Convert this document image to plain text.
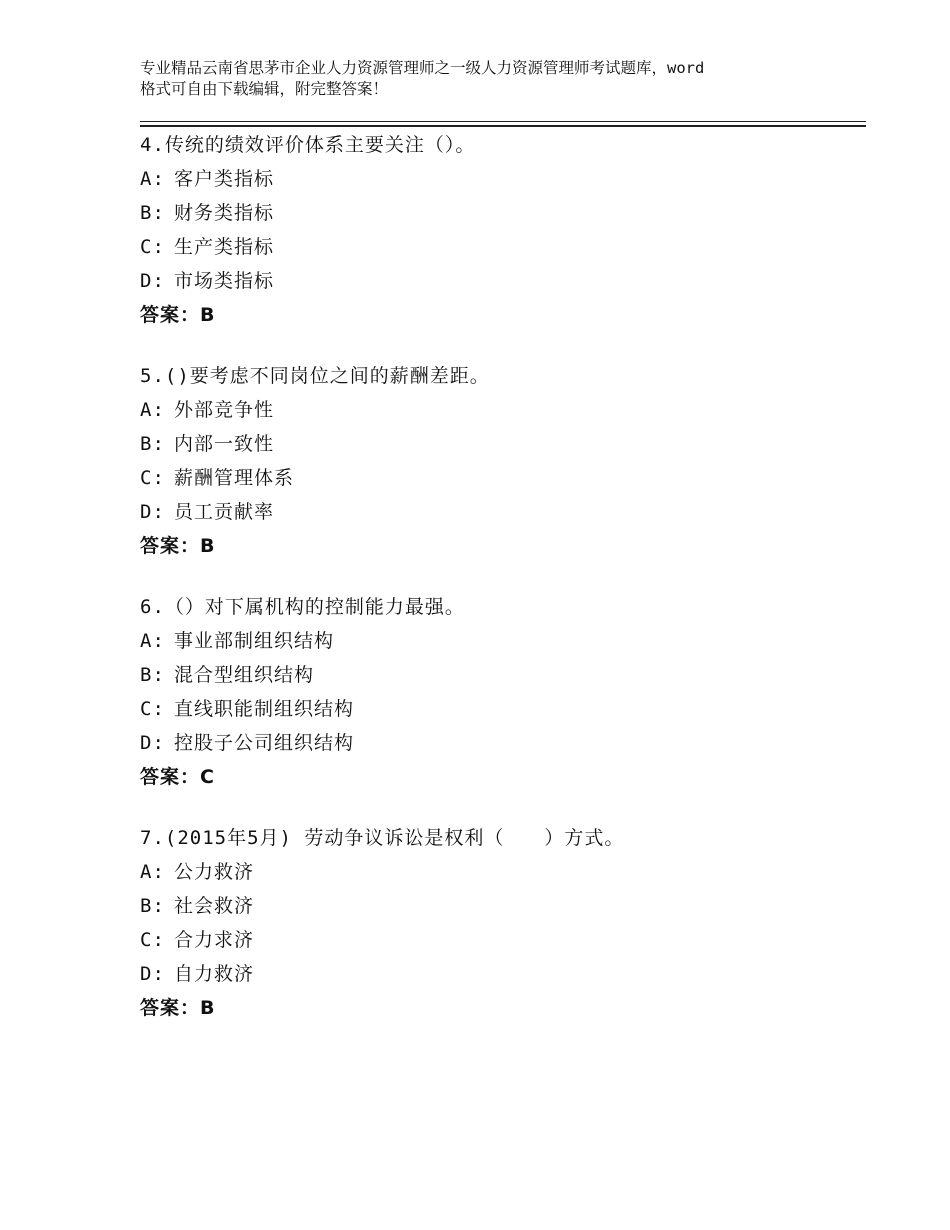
专业精品云南省思茅市企业人力资源管理师之一级人力资源管理师考试题库，word
格式可自由下载编辑，附完整答案！
4.传统的绩效评价体系主要关注（）。
A: 客户类指标
B: 财务类指标
C: 生产类指标
D: 市场类指标
答案：B
5.()要考虑不同岗位之间的薪酬差距。
A: 外部竞争性
B: 内部一致性
C: 薪酬管理体系
D: 员工贡献率
答案：B
6.（）对下属机构的控制能力最强。
A: 事业部制组织结构
B: 混合型组织结构
C: 直线职能制组织结构
D: 控股子公司组织结构
答案：C
7.(2015年5月) 劳动争议诉讼是权利（　　）方式。
A: 公力救济
B: 社会救济
C: 合力求济
D: 自力救济
答案：B
